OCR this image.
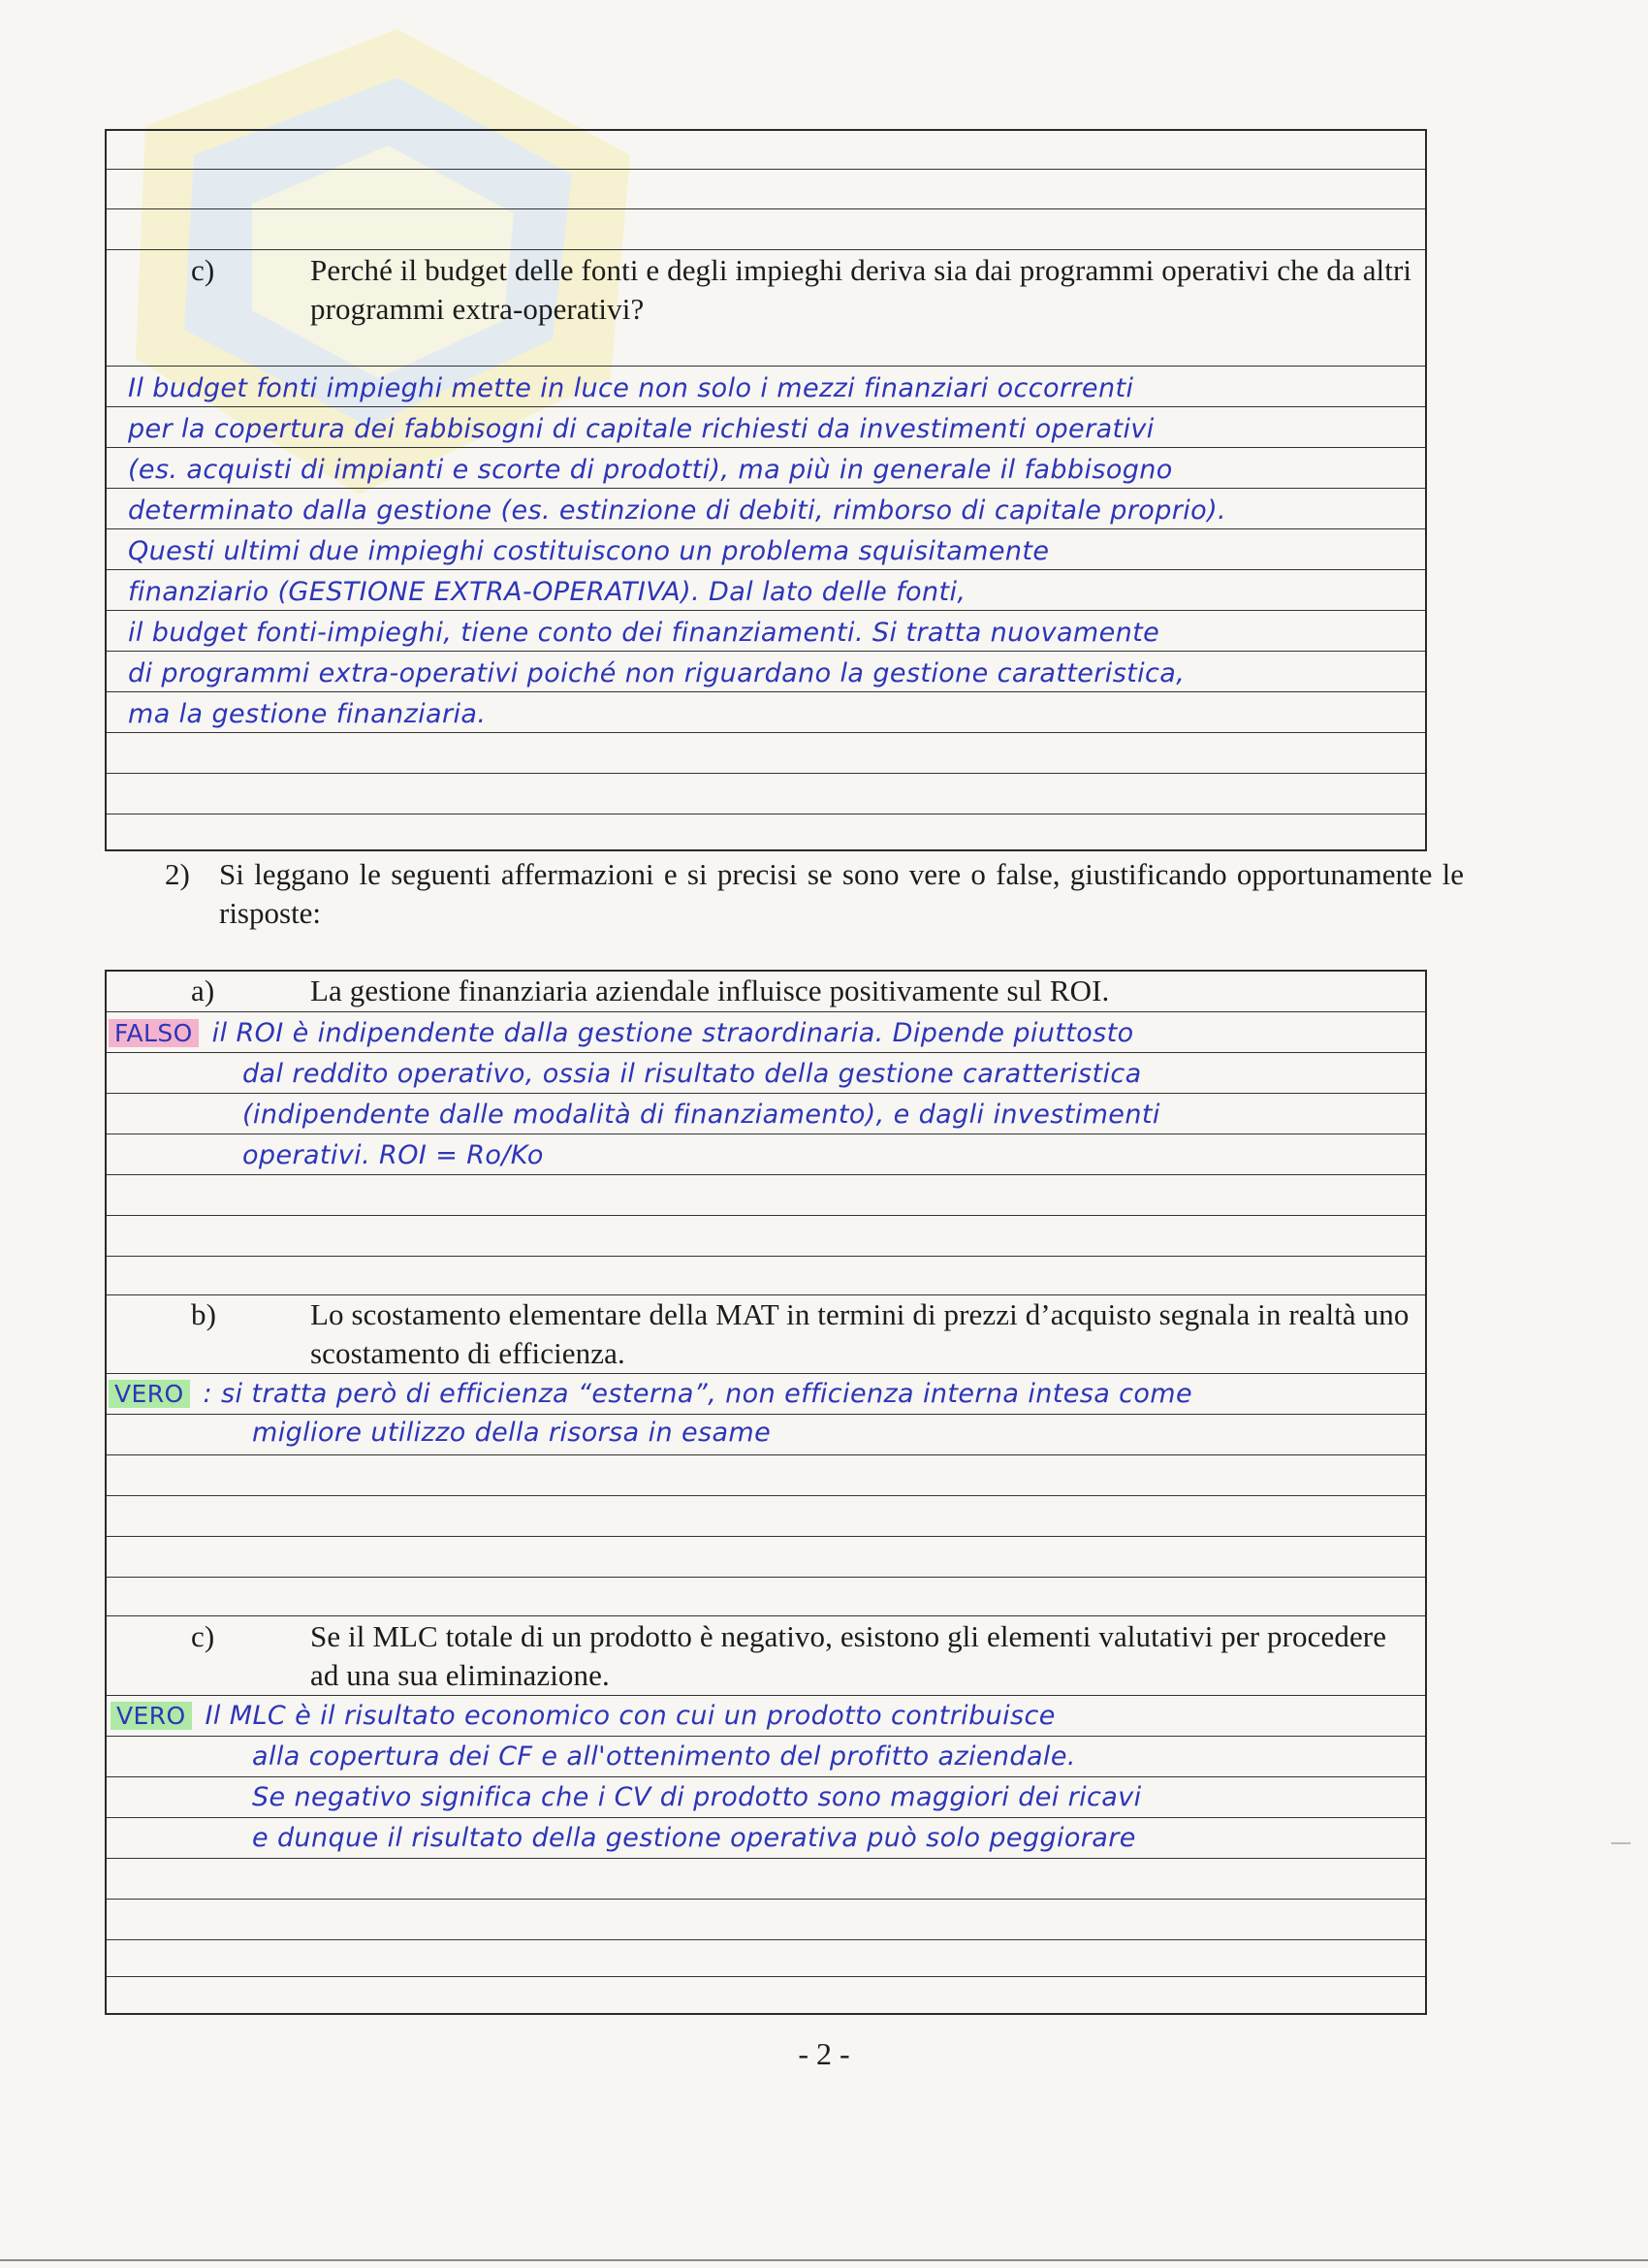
c)	Perché il budget delle fonti e degli impieghi deriva sia dai programmi operativi che da altri programmi extra-operativi?
Il budget fonti impieghi mette in luce non solo i mezzi finanziari occorrenti
per la copertura dei fabbisogni di capitale richiesti da investimenti operativi
(es. acquisti di impianti e scorte di prodotti), ma più in generale il fabbisogno
determinato dalla gestione (es. estinzione di debiti, rimborso di capitale proprio).
Questi ultimi due impieghi costituiscono un problema squisitamente
finanziario (GESTIONE EXTRA-OPERATIVA). Dal lato delle fonti,
il budget fonti-impieghi, tiene conto dei finanziamenti. Si tratta nuovamente
di programmi extra-operativi poiché non riguardano la gestione caratteristica,
ma la gestione finanziaria.
2) Si leggano le seguenti affermazioni e si precisi se sono vere o false, giustificando opportunamente le risposte:
a)	La gestione finanziaria aziendale influisce positivamente sul ROI.
FALSO il ROI è indipendente dalla gestione straordinaria. Dipende piuttosto
dal reddito operativo, ossia il risultato della gestione caratteristica
(indipendente dalle modalità di finanziamento), e dagli investimenti
operativi. ROI = Ro/Ko
b)	Lo scostamento elementare della MAT in termini di prezzi d’acquisto segnala in realtà uno scostamento di efficienza.
VERO : si tratta però di efficienza “esterna”, non efficienza interna intesa come
migliore utilizzo della risorsa in esame
c)	Se il MLC totale di un prodotto è negativo, esistono gli elementi valutativi per procedere ad una sua eliminazione.
VERO Il MLC è il risultato economico con cui un prodotto contribuisce
alla copertura dei CF e all'ottenimento del profitto aziendale.
Se negativo significa che i CV di prodotto sono maggiori dei ricavi
e dunque il risultato della gestione operativa può solo peggiorare
- 2 -
